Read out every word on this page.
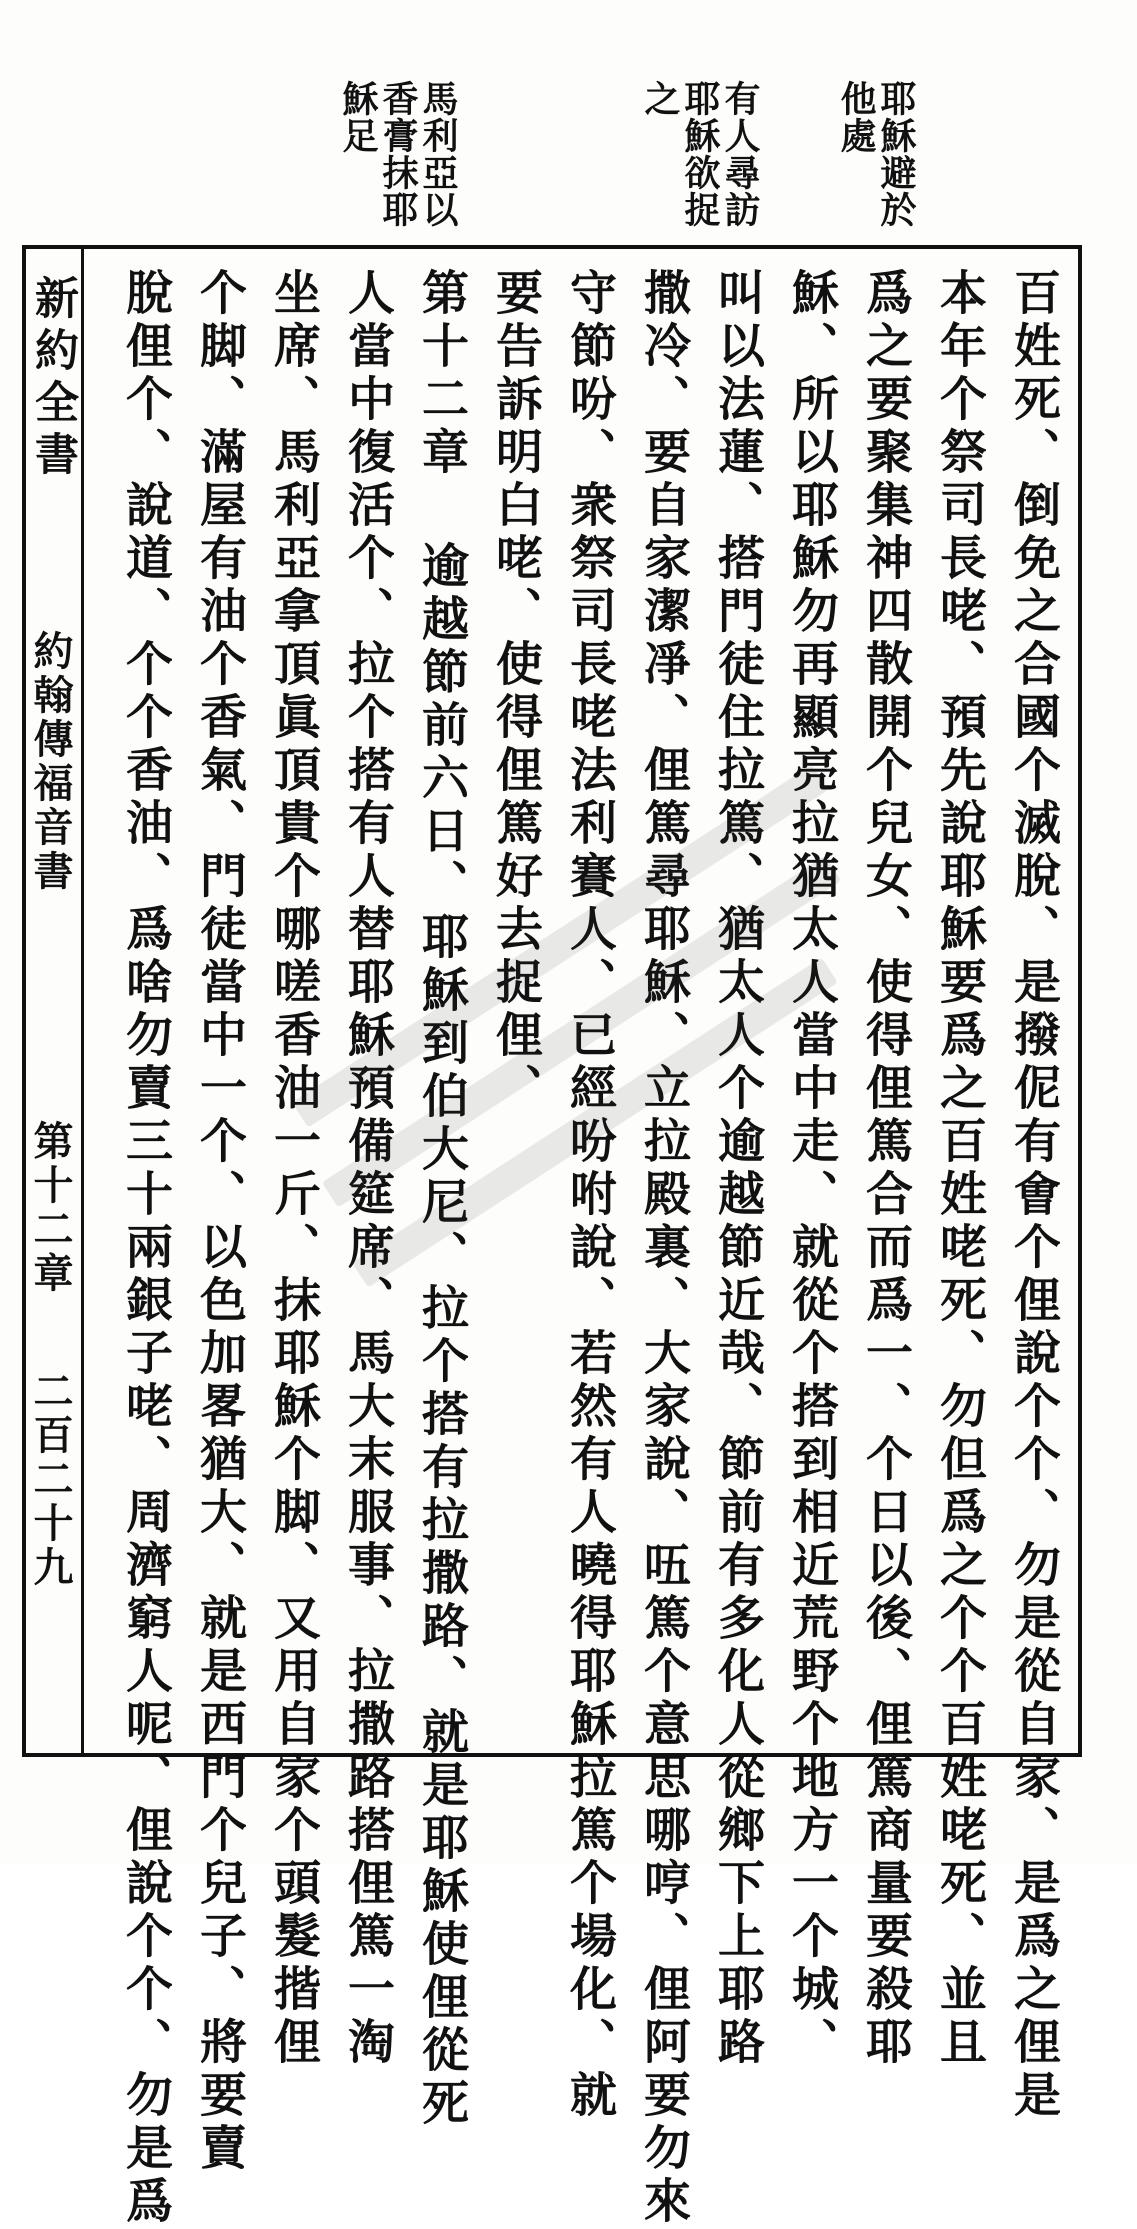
耶穌避於
他處
有人尋訪
耶穌欲捉
之
馬利亞以
香膏抹耶
穌足
新約全書
約翰傳福音書
第十二章
二百二十九	百姓死、倒免之合國个滅脫、是撥伲有㑹个俚說个个、勿是從自家、是爲之俚是
本年个祭司長咾、預先說耶穌要爲之百姓咾死、勿但爲之个个百姓咾死、並且
爲之要聚集神四散開个兒女、使得俚篤合而爲一、个日以後、俚篤商量要殺耶
穌、所以耶穌勿再顯亮拉猶太人當中走、就從个搭到相近荒野个地方一个城、
叫以法蓮、搭門徒住拉篤、猶太人个逾越節近哉、節前有多化人從鄉下上耶路
撒冷、要自家潔凈、俚篤尋耶穌、立拉殿裏、大家說、㕶篤个意思哪哼、俚阿要勿來
守節吩、衆祭司長咾法利賽人、已經吩咐說、若然有人曉得耶穌拉篤个場化、就
要告訴明白咾、使得俚篤好去捉俚、
第十二章 逾越節前六日、耶穌到伯大尼、拉个搭有拉撒路、就是耶穌使俚從死
人當中復活个、拉个搭有人替耶穌預備筵席、馬大末服事、拉撒路搭俚篤一淘
坐席、馬利亞拿頂眞頂貴个哪嗟香油一斤、抹耶穌个脚、又用自家个頭髮揩俚
个脚、滿屋有油个香氣、門徒當中一个、以色加畧猶大、就是西門个兒子、將要賣
脫俚个、說道、个个香油、爲啥勿賣三十兩銀子咾、周濟窮人呢、俚說个个、勿是爲
